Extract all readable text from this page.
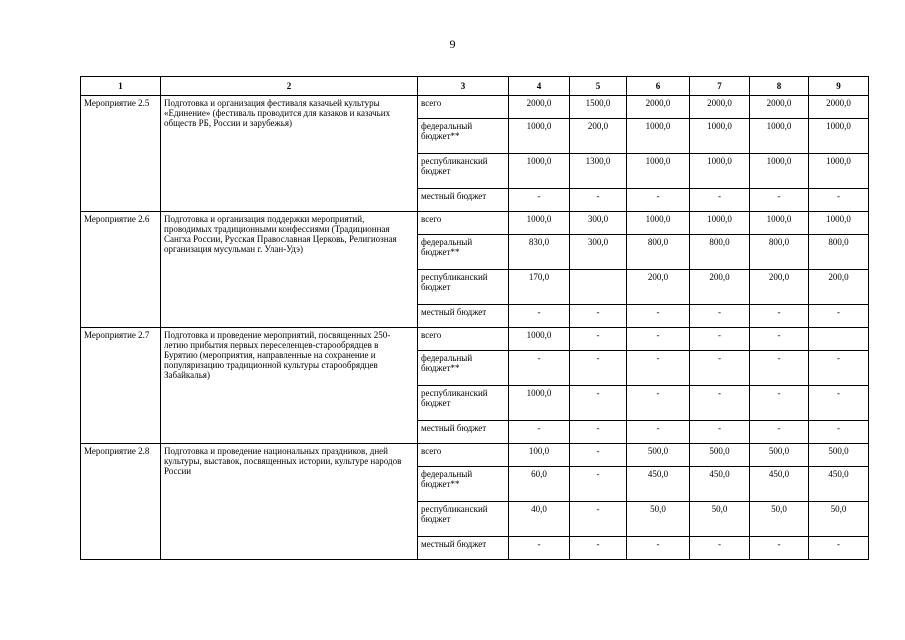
9
1	2	3	4	5	6	7	8	9
Мероприятие 2.5	Подготовка и организация фестиваля казачьей культуры «Единение» (фестиваль проводится для казаков и казачьих обществ РБ, России и зарубежья)	всего	2000,0	1500,0	2000,0	2000,0	2000,0	2000,0
		федеральный бюджет**	1000,0	200,0	1000,0	1000,0	1000,0	1000,0
		республиканский бюджет	1000,0	1300,0	1000,0	1000,0	1000,0	1000,0
		местный бюджет	-	-	-	-	-	-
Мероприятие 2.6	Подготовка и организация поддержки мероприятий, проводимых традиционными конфессиями (Традиционная Сангха России, Русская Православная Церковь, Религиозная организация мусульман г. Улан-Удэ)	всего	1000,0	300,0	1000,0	1000,0	1000,0	1000,0
		федеральный бюджет**	830,0	300,0	800,0	800,0	800,0	800,0
		республиканский бюджет	170,0		200,0	200,0	200,0	200,0
		местный бюджет	-	-	-	-	-	-
Мероприятие 2.7	Подготовка и проведение мероприятий, посвященных 250-летию прибытия первых переселенцев-старообрядцев в Бурятию (мероприятия, направленные на сохранение и популяризацию традиционной культуры старообрядцев Забайкалья)	всего	1000,0	-	-	-	-	
		федеральный бюджет**	-	-	-	-	-	-
		республиканский бюджет	1000,0	-	-	-	-	-
		местный бюджет	-	-	-	-	-	-
Мероприятие 2.8	Подготовка и проведение национальных праздников, дней культуры, выставок, посвященных истории, культуре народов России	всего	100,0	-	500,0	500,0	500,0	500,0
		федеральный бюджет**	60,0	-	450,0	450,0	450,0	450,0
		республиканский бюджет	40,0	-	50,0	50,0	50,0	50,0
		местный бюджет	-	-	-	-	-	-
